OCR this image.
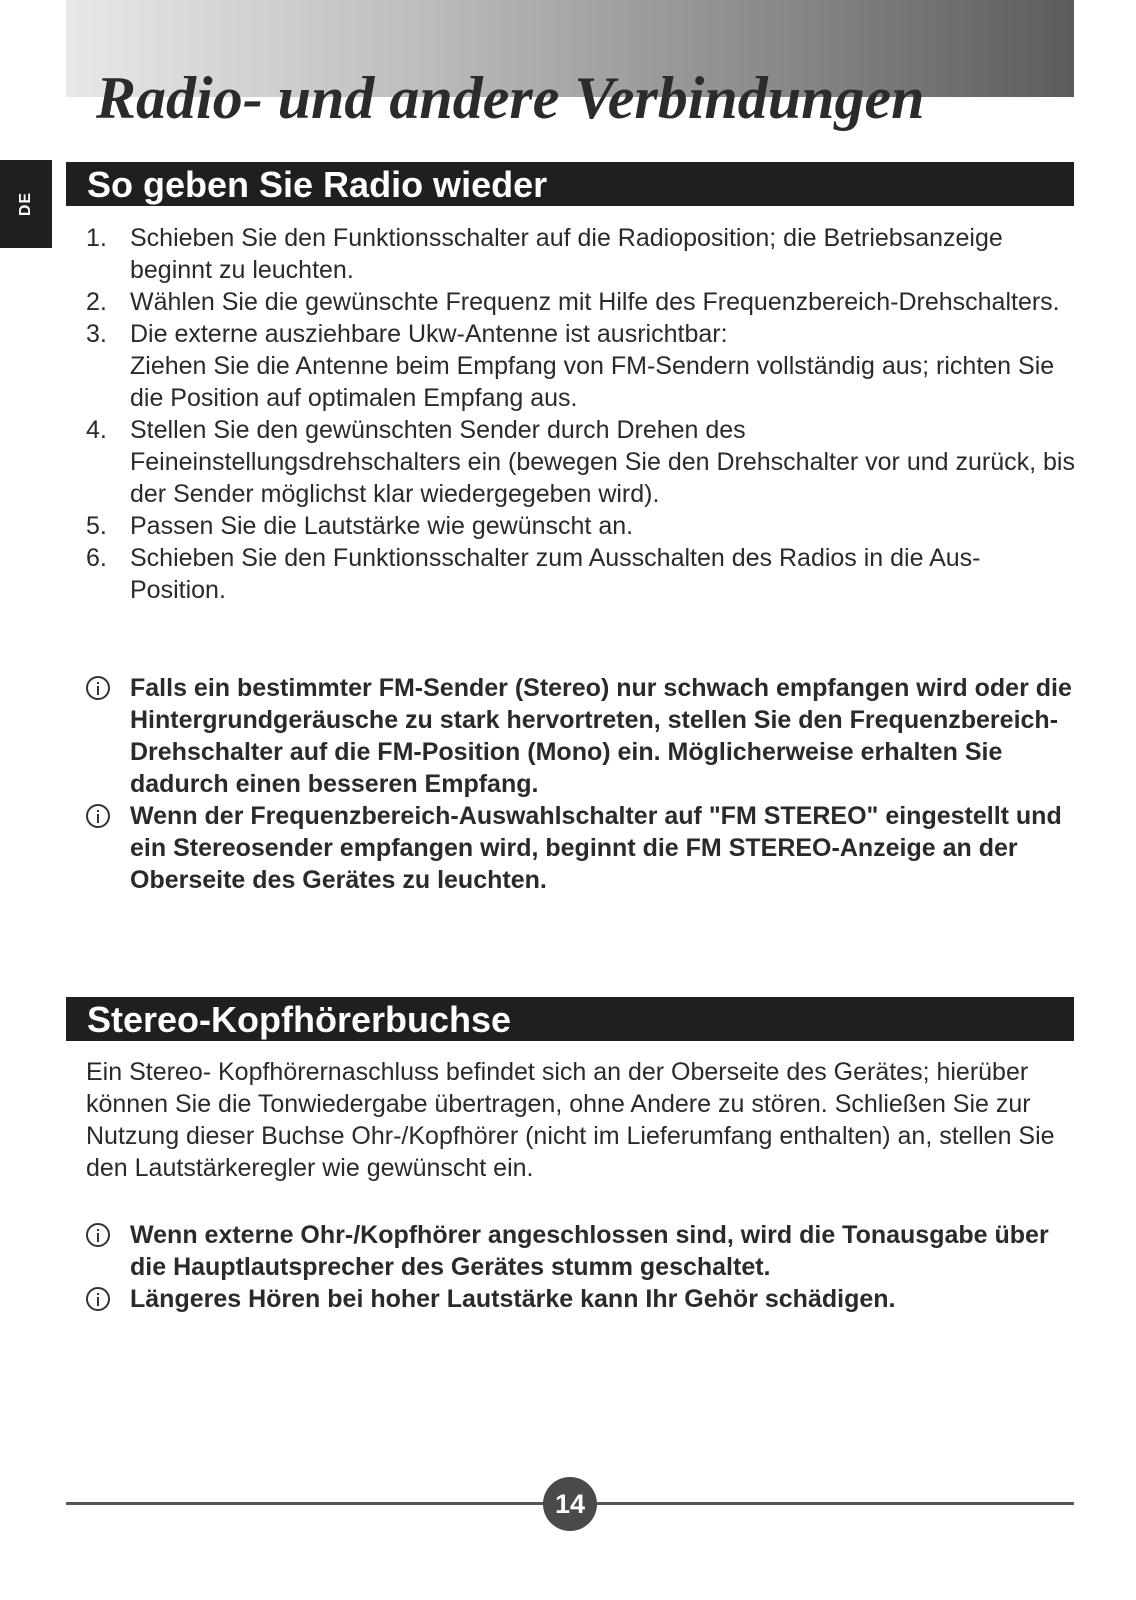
Radio- und andere Verbindungen
DE	So geben Sie Radio wieder
1. Schieben Sie den Funktionsschalter auf die Radioposition; die Betriebsanzeige beginnt zu leuchten.
2. Wählen Sie die gewünschte Frequenz mit Hilfe des Frequenzbereich-Drehschalters.
3. Die externe ausziehbare Ukw-Antenne ist ausrichtbar:
Ziehen Sie die Antenne beim Empfang von FM-Sendern vollständig aus; richten Sie die Position auf optimalen Empfang aus.
4. Stellen Sie den gewünschten Sender durch Drehen des Feineinstellungsdrehschalters ein (bewegen Sie den Drehschalter vor und zurück, bis der Sender möglichst klar wiedergegeben wird).
5. Passen Sie die Lautstärke wie gewünscht an.
6. Schieben Sie den Funktionsschalter zum Ausschalten des Radios in die Aus-Position.
Falls ein bestimmter FM-Sender (Stereo) nur schwach empfangen wird oder die Hintergrundgeräusche zu stark hervortreten, stellen Sie den Frequenzbereich-Drehschalter auf die FM-Position (Mono) ein. Möglicherweise erhalten Sie dadurch einen besseren Empfang.
Wenn der Frequenzbereich-Auswahlschalter auf "FM STEREO" eingestellt und ein Stereosender empfangen wird, beginnt die FM STEREO-Anzeige an der Oberseite des Gerätes zu leuchten.
Stereo-Kopfhörerbuchse

Ein Stereo- Kopfhörernaschluss befindet sich an der Oberseite des Gerätes; hierüber können Sie die Tonwiedergabe übertragen, ohne Andere zu stören. Schließen Sie zur Nutzung dieser Buchse Ohr-/Kopfhörer (nicht im Lieferumfang enthalten) an, stellen Sie den Lautstärkeregler wie gewünscht ein.

Wenn externe Ohr-/Kopfhörer angeschlossen sind, wird die Tonausgabe über die Hauptlautsprecher des Gerätes stumm geschaltet.
Längeres Hören bei hoher Lautstärke kann Ihr Gehör schädigen.
14
